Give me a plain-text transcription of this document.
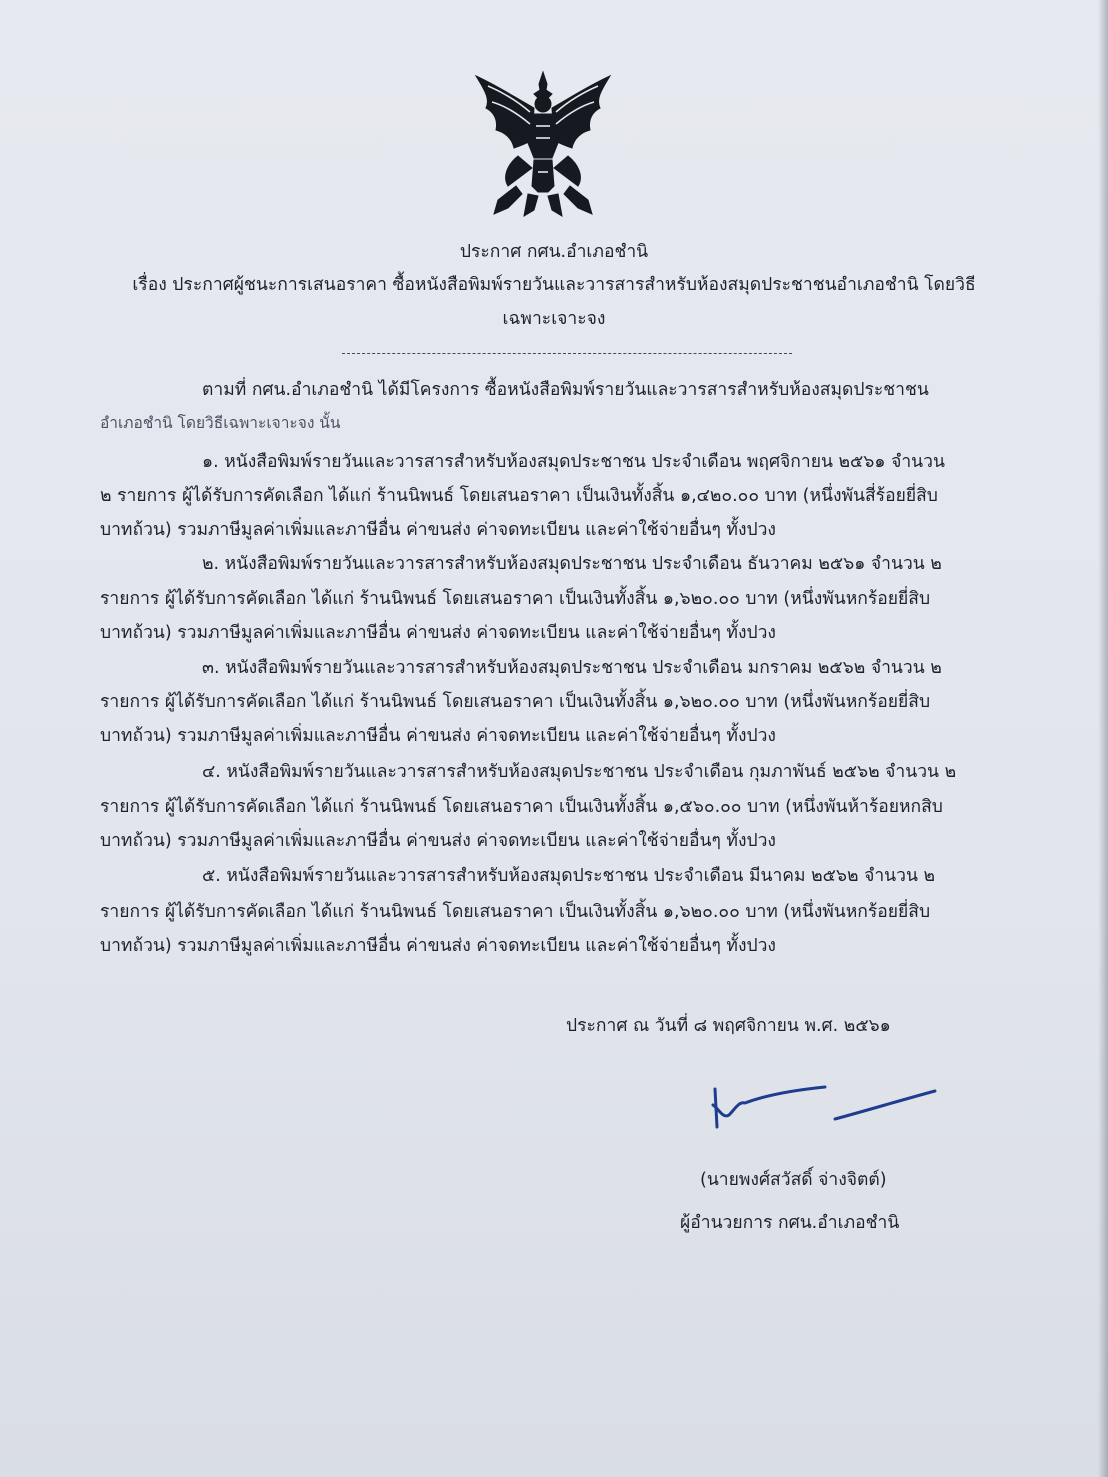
ประกาศ กศน.อำเภอชำนิ
เรื่อง ประกาศผู้ชนะการเสนอราคา ซื้อหนังสือพิมพ์รายวันและวารสารสำหรับห้องสมุดประชาชนอำเภอชำนิ โดยวิธี
เฉพาะเจาะจง
ตามที่ กศน.อำเภอชำนิ ได้มีโครงการ ซื้อหนังสือพิมพ์รายวันและวารสารสำหรับห้องสมุดประชาชน
อำเภอชำนิ โดยวิธีเฉพาะเจาะจง นั้น
๑. หนังสือพิมพ์รายวันและวารสารสำหรับห้องสมุดประชาชน ประจำเดือน พฤศจิกายน ๒๕๖๑ จำนวน
๒ รายการ ผู้ได้รับการคัดเลือก ได้แก่ ร้านนิพนธ์ โดยเสนอราคา เป็นเงินทั้งสิ้น ๑,๔๒๐.๐๐ บาท (หนึ่งพันสี่ร้อยยี่สิบ
บาทถ้วน) รวมภาษีมูลค่าเพิ่มและภาษีอื่น ค่าขนส่ง ค่าจดทะเบียน และค่าใช้จ่ายอื่นๆ ทั้งปวง
๒. หนังสือพิมพ์รายวันและวารสารสำหรับห้องสมุดประชาชน ประจำเดือน ธันวาคม ๒๕๖๑ จำนวน ๒
รายการ ผู้ได้รับการคัดเลือก ได้แก่ ร้านนิพนธ์ โดยเสนอราคา เป็นเงินทั้งสิ้น ๑,๖๒๐.๐๐ บาท (หนึ่งพันหกร้อยยี่สิบ
บาทถ้วน) รวมภาษีมูลค่าเพิ่มและภาษีอื่น ค่าขนส่ง ค่าจดทะเบียน และค่าใช้จ่ายอื่นๆ ทั้งปวง
๓. หนังสือพิมพ์รายวันและวารสารสำหรับห้องสมุดประชาชน ประจำเดือน มกราคม ๒๕๖๒ จำนวน ๒
รายการ ผู้ได้รับการคัดเลือก ได้แก่ ร้านนิพนธ์ โดยเสนอราคา เป็นเงินทั้งสิ้น ๑,๖๒๐.๐๐ บาท (หนึ่งพันหกร้อยยี่สิบ
บาทถ้วน) รวมภาษีมูลค่าเพิ่มและภาษีอื่น ค่าขนส่ง ค่าจดทะเบียน และค่าใช้จ่ายอื่นๆ ทั้งปวง
๔. หนังสือพิมพ์รายวันและวารสารสำหรับห้องสมุดประชาชน ประจำเดือน กุมภาพันธ์ ๒๕๖๒ จำนวน ๒
รายการ ผู้ได้รับการคัดเลือก ได้แก่ ร้านนิพนธ์ โดยเสนอราคา เป็นเงินทั้งสิ้น ๑,๕๖๐.๐๐ บาท (หนึ่งพันห้าร้อยหกสิบ
บาทถ้วน) รวมภาษีมูลค่าเพิ่มและภาษีอื่น ค่าขนส่ง ค่าจดทะเบียน และค่าใช้จ่ายอื่นๆ ทั้งปวง
๕. หนังสือพิมพ์รายวันและวารสารสำหรับห้องสมุดประชาชน ประจำเดือน มีนาคม ๒๕๖๒ จำนวน ๒
รายการ ผู้ได้รับการคัดเลือก ได้แก่ ร้านนิพนธ์ โดยเสนอราคา เป็นเงินทั้งสิ้น ๑,๖๒๐.๐๐ บาท (หนึ่งพันหกร้อยยี่สิบ
บาทถ้วน) รวมภาษีมูลค่าเพิ่มและภาษีอื่น ค่าขนส่ง ค่าจดทะเบียน และค่าใช้จ่ายอื่นๆ ทั้งปวง
ประกาศ ณ วันที่ ๘ พฤศจิกายน พ.ศ. ๒๕๖๑
(นายพงศ์สวัสดิ์ จ่างจิตต์)
ผู้อำนวยการ กศน.อำเภอชำนิ
